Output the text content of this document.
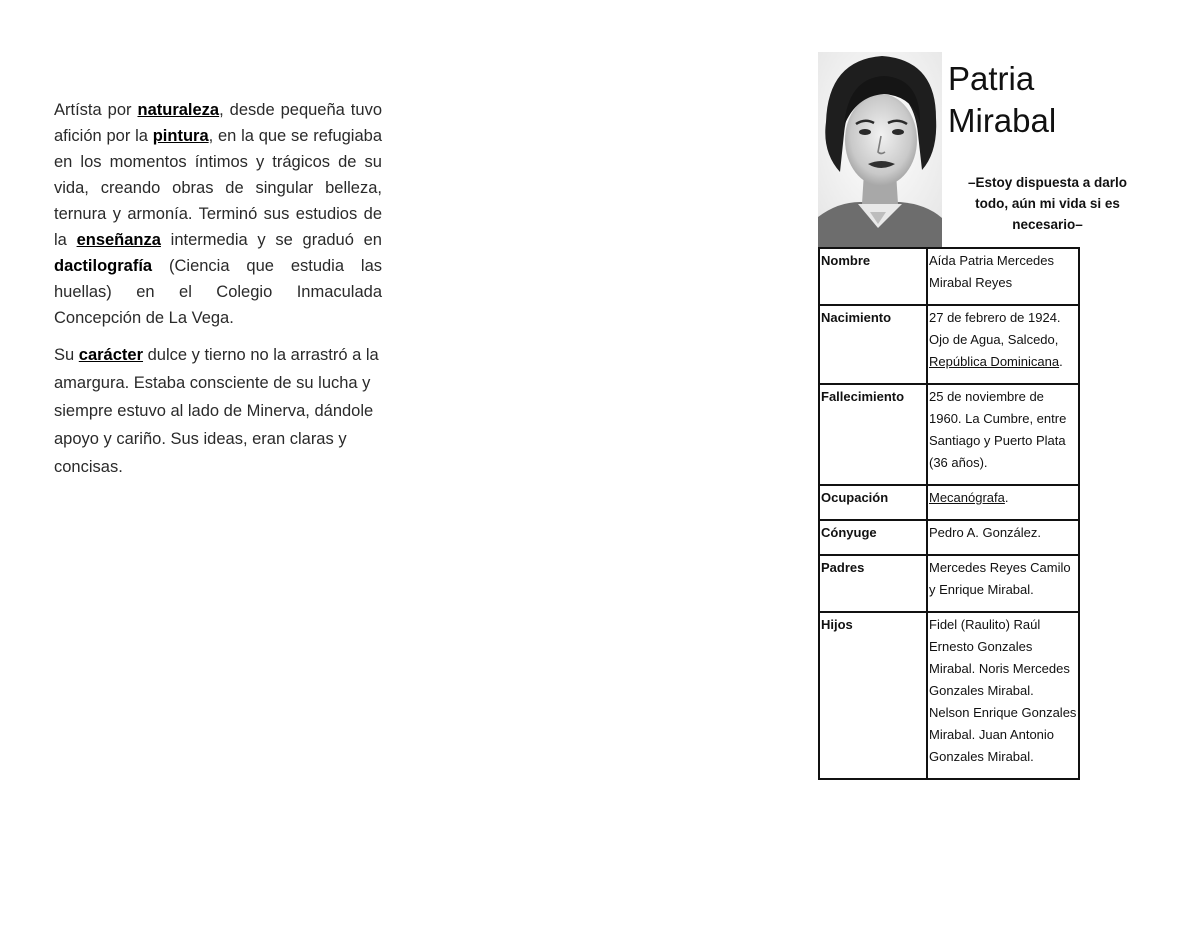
Artísta por naturaleza, desde pequeña tuvo afición por la pintura, en la que se refugiaba en los momentos íntimos y trágicos de su vida, creando obras de singular belleza, ternura y armonía. Terminó sus estudios de la enseñanza intermedia y se graduó en dactilografía (Ciencia que estudia las huellas) en el Colegio Inmaculada Concepción de La Vega.

Su carácter dulce y tierno no la arrastró a la amargura. Estaba consciente de su lucha y siempre estuvo al lado de Minerva, dándole apoyo y cariño. Sus ideas, eran claras y concisas.

Patria
Mirabal
–Estoy dispuesta a darlo todo, aún mi vida si es necesario–
Nombre	Aída Patria Mercedes Mirabal Reyes
Nacimiento	27 de febrero de 1924. Ojo de Agua, Salcedo, República Dominicana.
Fallecimiento	25 de noviembre de 1960. La Cumbre, entre Santiago y Puerto Plata (36 años).
Ocupación	Mecanógrafa.
Cónyuge	Pedro A. González.
Padres	Mercedes Reyes Camilo y Enrique Mirabal.
Hijos	Fidel (Raulito) Raúl Ernesto Gonzales Mirabal. Noris Mercedes Gonzales Mirabal. Nelson Enrique Gonzales Mirabal. Juan Antonio Gonzales Mirabal.
